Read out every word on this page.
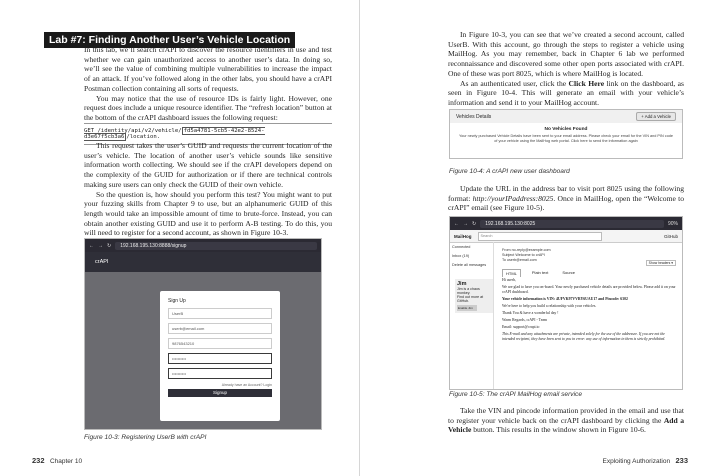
Lab #7: Finding Another User’s Vehicle Location

In this lab, we’ll search crAPI to discover the resource identifiers in use and test whether we can gain unauthorized access to another user’s data. In doing so, we’ll see the value of combining multiple vulnerabilities to increase the impact of an attack. If you’ve followed along in the other labs, you should have a crAPI Postman collection containing all sorts of requests.
You may notice that the use of resource IDs is fairly light. However, one request does include a unique resource identifier. The “refresh location” button at the bottom of the crAPI dashboard issues the following request:

GET /identity/api/v2/vehicle/ fd5a4781-5cb5-42e2-8524-d3e67f5cb3a6 /location.

This request takes the user’s GUID and requests the current location of the user’s vehicle. The location of another user’s vehicle sounds like sensitive information worth collecting. We should see if the crAPI developers depend on the complexity of the GUID for authorization or if there are technical controls making sure users can only check the GUID of their own vehicle.
So the question is, how should you perform this test? You might want to put your fuzzing skills from Chapter 9 to use, but an alphanumeric GUID of this length would take an impossible amount of time to brute-force. Instead, you can obtain another existing GUID and use it to perform A-B testing. To do this, you will need to register for a second account, as shown in Figure 10-3.

← → ↻	192.168.195.130:8888/signup
crAPI
Sign Up
UserB
userb@email.com
9876543210
••••••••••
••••••••••
Already have an Account? Login
Signup
Figure 10-3: Registering UserB with crAPI
232 Chapter 10

In Figure 10-3, you can see that we’ve created a second account, called UserB. With this account, go through the steps to register a vehicle using MailHog. As you may remember, back in Chapter 6 lab we performed reconnaissance and discovered some other open ports associated with crAPI. One of these was port 8025, which is where MailHog is located.
As an authenticated user, click the Click Here link on the dashboard, as seen in Figure 10-4. This will generate an email with your vehicle’s information and send it to your MailHog account.

Vehicles Details	+ Add a Vehicle
No Vehicles Found
Your newly purchased Vehicle Details have been sent to your email address. Please check your email for the VIN and PIN code of your vehicle using the MailHog web portal. Click here to send the information again
Figure 10-4: A crAPI new user dashboard

Update the URL in the address bar to visit port 8025 using the following format: http://yourIPaddress:8025. Once in MailHog, open the “Welcome to crAPI” email (see Figure 10-5).

← → ↻	192.168.195.130:8025	90%
MailHog	Search	GitHub
Connected
Inbox (19)
Delete all messages
Jim
Jim is a chaos monkey.
Find out more at GitHub.
Enable Jim
From no-reply@example.com
Subject Welcome to crAPI
To userb@email.com
Show headers ▾
HTML	Plain text	Source
Hi userb,
We are glad to have you on-board. Your newly purchased vehicle details are provided below. Please add it on your crAPI dashboard.
Your vehicle information is VIN: 4UFVK97VVRY6UAU17 and Pincode: 6302
We're here to help you build a relationship with your vehicles.
Thank You & have a wonderful day !
Warm Regards, crAPI - Team
Email: support@crapi.io
This E-mail and any attachments are private, intended solely for the use of the addressee. If you are not the intended recipient, they have been sent to you in error: any use of information in them is strictly prohibited.
Figure 10-5: The crAPI MailHog email service

Take the VIN and pincode information provided in the email and use that to register your vehicle back on the crAPI dashboard by clicking the Add a Vehicle button. This results in the window shown in Figure 10-6.

Exploiting Authorization 233
